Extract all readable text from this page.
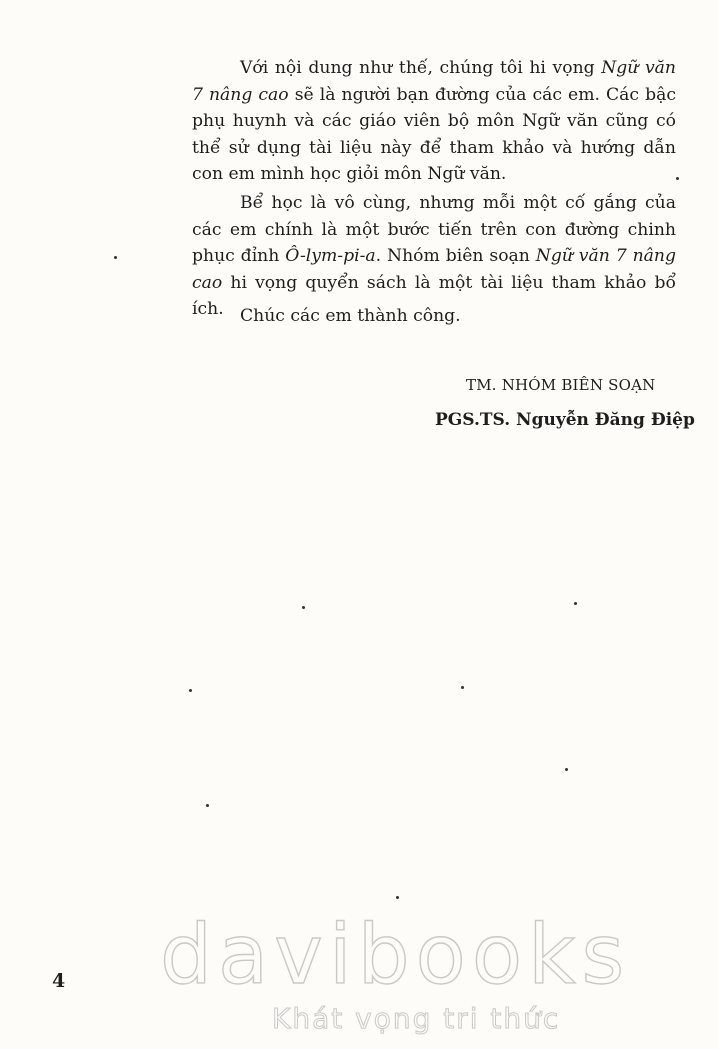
Với nội dung như thế, chúng tôi hi vọng Ngữ văn 7 nâng cao sẽ là người bạn đường của các em. Các bậc phụ huynh và các giáo viên bộ môn Ngữ văn cũng có thể sử dụng tài liệu này để tham khảo và hướng dẫn con em mình học giỏi môn Ngữ văn.

Bể học là vô cùng, nhưng mỗi một cố gắng của các em chính là một bước tiến trên con đường chinh phục đỉnh Ô-lym-pi-a. Nhóm biên soạn Ngữ văn 7 nâng cao hi vọng quyển sách là một tài liệu tham khảo bổ ích. Chúc các em thành công.

TM. NHÓM BIÊN SOẠN
PGS.TS. Nguyễn Đăng Điệp
4 davibooks
Khát vọng tri thức
